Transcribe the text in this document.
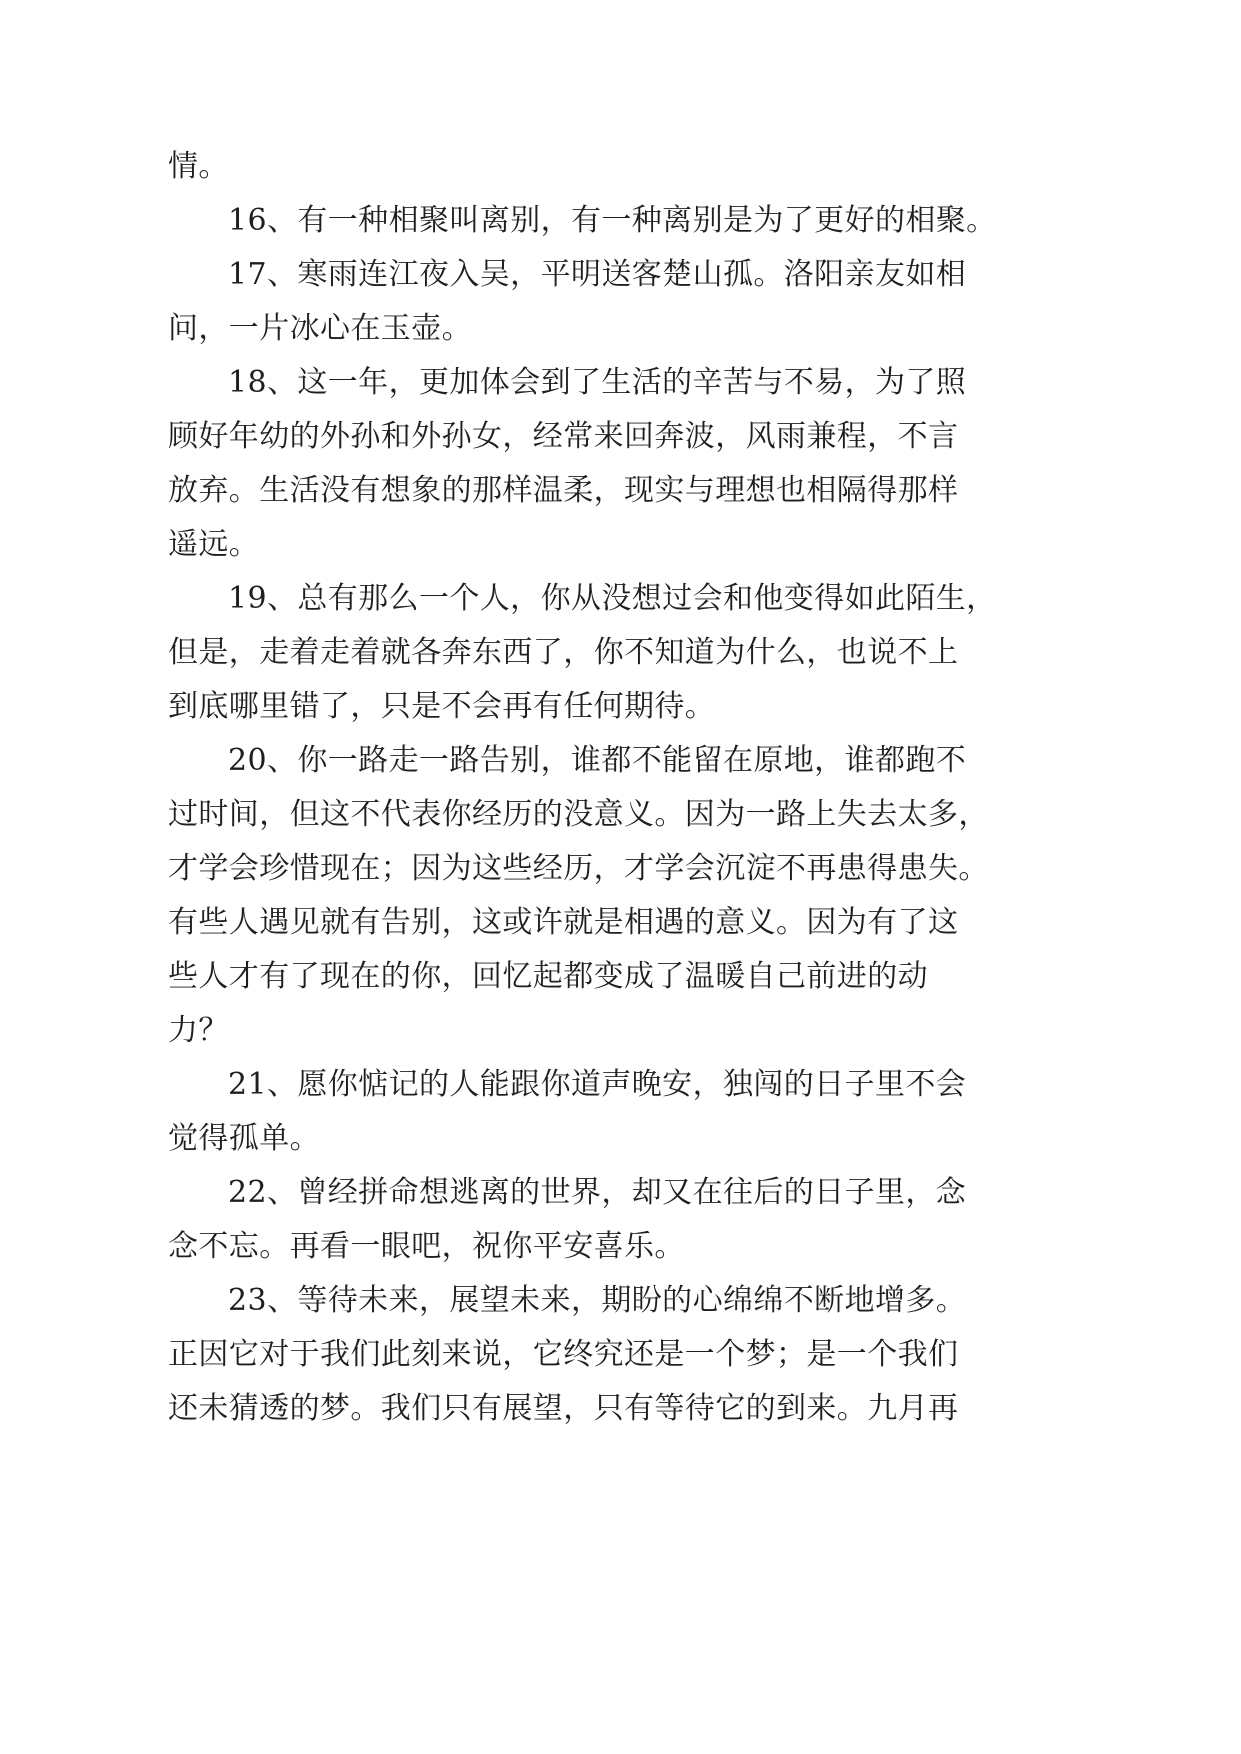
情。

16、有一种相聚叫离别，有一种离别是为了更好的相聚。

17、寒雨连江夜入吴，平明送客楚山孤。洛阳亲友如相

问，一片冰心在玉壶。

18、这一年，更加体会到了生活的辛苦与不易，为了照

顾好年幼的外孙和外孙女，经常来回奔波，风雨兼程，不言

放弃。生活没有想象的那样温柔，现实与理想也相隔得那样

遥远。

19、总有那么一个人，你从没想过会和他变得如此陌生，

但是，走着走着就各奔东西了，你不知道为什么，也说不上

到底哪里错了，只是不会再有任何期待。

20、你一路走一路告别，谁都不能留在原地，谁都跑不

过时间，但这不代表你经历的没意义。因为一路上失去太多，

才学会珍惜现在；因为这些经历，才学会沉淀不再患得患失。

有些人遇见就有告别，这或许就是相遇的意义。因为有了这

些人才有了现在的你，回忆起都变成了温暖自己前进的动

力？

21、愿你惦记的人能跟你道声晚安，独闯的日子里不会

觉得孤单。

22、曾经拼命想逃离的世界，却又在往后的日子里，念

念不忘。再看一眼吧，祝你平安喜乐。

23、等待未来，展望未来，期盼的心绵绵不断地增多。

正因它对于我们此刻来说，它终究还是一个梦；是一个我们

还未猜透的梦。我们只有展望，只有等待它的到来。九月再
